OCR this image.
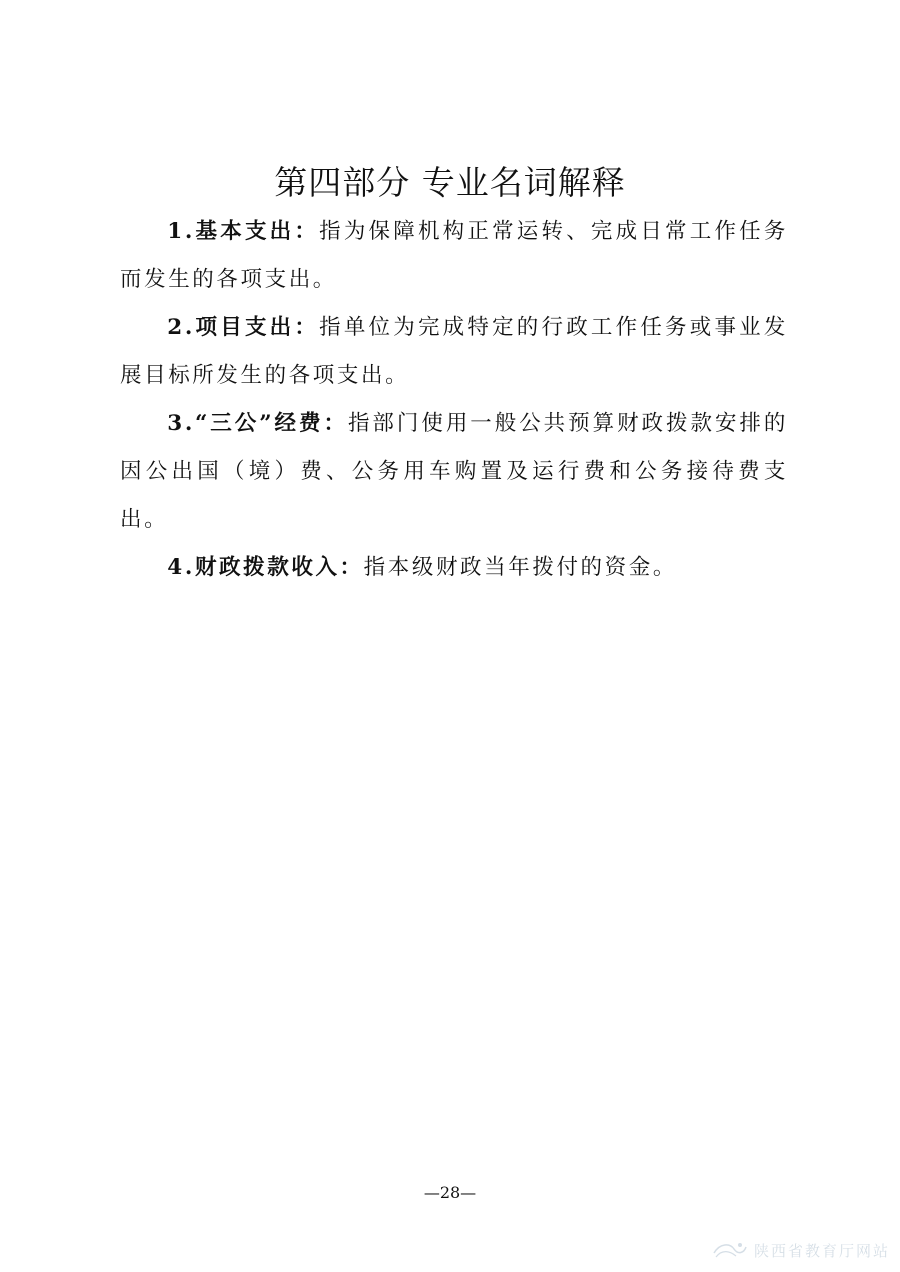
第四部分 专业名词解释

1.基本支出：指为保障机构正常运转、完成日常工作任务而发生的各项支出。

2.项目支出：指单位为完成特定的行政工作任务或事业发展目标所发生的各项支出。

3.“三公”经费：指部门使用一般公共预算财政拨款安排的因公出国（境）费、公务用车购置及运行费和公务接待费支出。

4.财政拨款收入：指本级财政当年拨付的资金。

—28—
陕西省教育厅网站
